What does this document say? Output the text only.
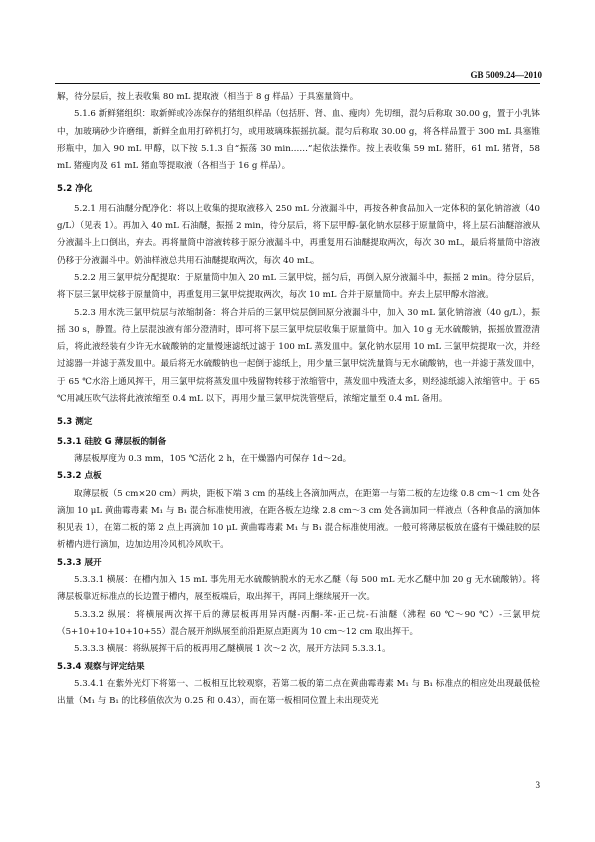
GB 5009.24—2010

解，待分层后，按上表收集 80 mL 提取液（相当于 8 g 样品）于具塞量筒中。

5.1.6 新鲜猪组织：取新鲜或冷冻保存的猪组织样品（包括肝、肾、血、瘦肉）先切细，混匀后称取 30.00 g，置于小乳钵中，加玻璃砂少许磨细，新鲜全血用打碎机打匀，或用玻璃珠振摇抗凝。混匀后称取 30.00 g，将各样品置于 300 mL 具塞锥形瓶中，加入 90 mL 甲醇，以下按 5.1.3 自“振荡 30 min……”起依法操作。按上表收集 59 mL 猪肝，61 mL 猪肾，58 mL 猪瘦肉及 61 mL 猪血等提取液（各相当于 16 g 样品）。

5.2 净化

5.2.1 用石油醚分配净化：将以上收集的提取液移入 250 mL 分液漏斗中，再按各种食品加入一定体积的氯化钠溶液（40 g/L）（见表 1）。再加入 40 mL 石油醚，振摇 2 min，待分层后，将下层甲醇-氯化钠水层移于原量筒中，将上层石油醚溶液从分液漏斗上口倒出，弃去。再将量筒中溶液转移于原分液漏斗中，再重复用石油醚提取两次，每次 30 mL，最后将量筒中溶液仍移于分液漏斗中。奶油样液总共用石油醚提取两次，每次 40 mL。

5.2.2 用三氯甲烷分配提取：于原量筒中加入 20 mL 三氯甲烷，摇匀后，再倒入原分液漏斗中，振摇 2 min。待分层后，将下层三氯甲烷移于原量筒中，再重复用三氯甲烷提取两次，每次 10 mL 合并于原量筒中。弃去上层甲醇水溶液。

5.2.3 用水洗三氯甲烷层与浓缩制备：将合并后的三氯甲烷层倒回原分液漏斗中，加入 30 mL 氯化钠溶液（40 g/L），振摇 30 s，静置。待上层混浊液有部分澄清时，即可将下层三氯甲烷层收集于原量筒中。加入 10 g 无水硫酸钠，振摇放置澄清后，将此液经装有少许无水硫酸钠的定量慢速滤纸过滤于 100 mL 蒸发皿中。氯化钠水层用 10 mL 三氯甲烷提取一次，并经过滤器一并滤于蒸发皿中。最后将无水硫酸钠也一起倒于滤纸上，用少量三氯甲烷洗量筒与无水硫酸钠，也一并滤于蒸发皿中，于 65 ℃水浴上通风挥干，用三氯甲烷将蒸发皿中残留物转移于浓缩管中，蒸发皿中残渣太多，则经滤纸滤入浓缩管中。于 65 ℃用减压吹气法将此液浓缩至 0.4 mL 以下，再用少量三氯甲烷洗管壁后，浓缩定量至 0.4 mL 备用。

5.3 测定

5.3.1 硅胶 G 薄层板的制备

薄层板厚度为 0.3 mm，105 ℃活化 2 h，在干燥器内可保存 1d～2d。

5.3.2 点板

取薄层板（5 cm×20 cm）两块，距板下端 3 cm 的基线上各滴加两点，在距第一与第二板的左边缘 0.8 cm～1 cm 处各滴加 10 μL 黄曲霉毒素 M₁ 与 B₁ 混合标准使用液，在距各板左边缘 2.8 cm～3 cm 处各滴加同一样液点（各种食品的滴加体积见表 1），在第二板的第 2 点上再滴加 10 μL 黄曲霉毒素 M₁ 与 B₁ 混合标准使用液。一般可将薄层板放在盛有干燥硅胶的层析槽内进行滴加，边加边用冷风机冷风吹干。

5.3.3 展开

5.3.3.1 横展：在槽内加入 15 mL 事先用无水硫酸钠脱水的无水乙醚（每 500 mL 无水乙醚中加 20 g 无水硫酸钠）。将薄层板靠近标准点的长边置于槽内，展至板端后，取出挥干，再同上继续展开一次。

5.3.3.2 纵展：将横展两次挥干后的薄层板再用异丙醚-丙酮-苯-正己烷-石油醚（沸程 60 ℃～90 ℃）-三氯甲烷（5+10+10+10+10+55）混合展开剂纵展至前沿距原点距离为 10 cm～12 cm 取出挥干。

5.3.3.3 横展：将纵展挥干后的板再用乙醚横展 1 次～2 次，展开方法同 5.3.3.1。

5.3.4 观察与评定结果

5.3.4.1 在紫外光灯下将第一、二板相互比较观察，若第二板的第二点在黄曲霉毒素 M₁ 与 B₁ 标准点的相应处出现最低检出量（M₁ 与 B₁ 的比移值依次为 0.25 和 0.43），而在第一板相同位置上未出现荧光

3
